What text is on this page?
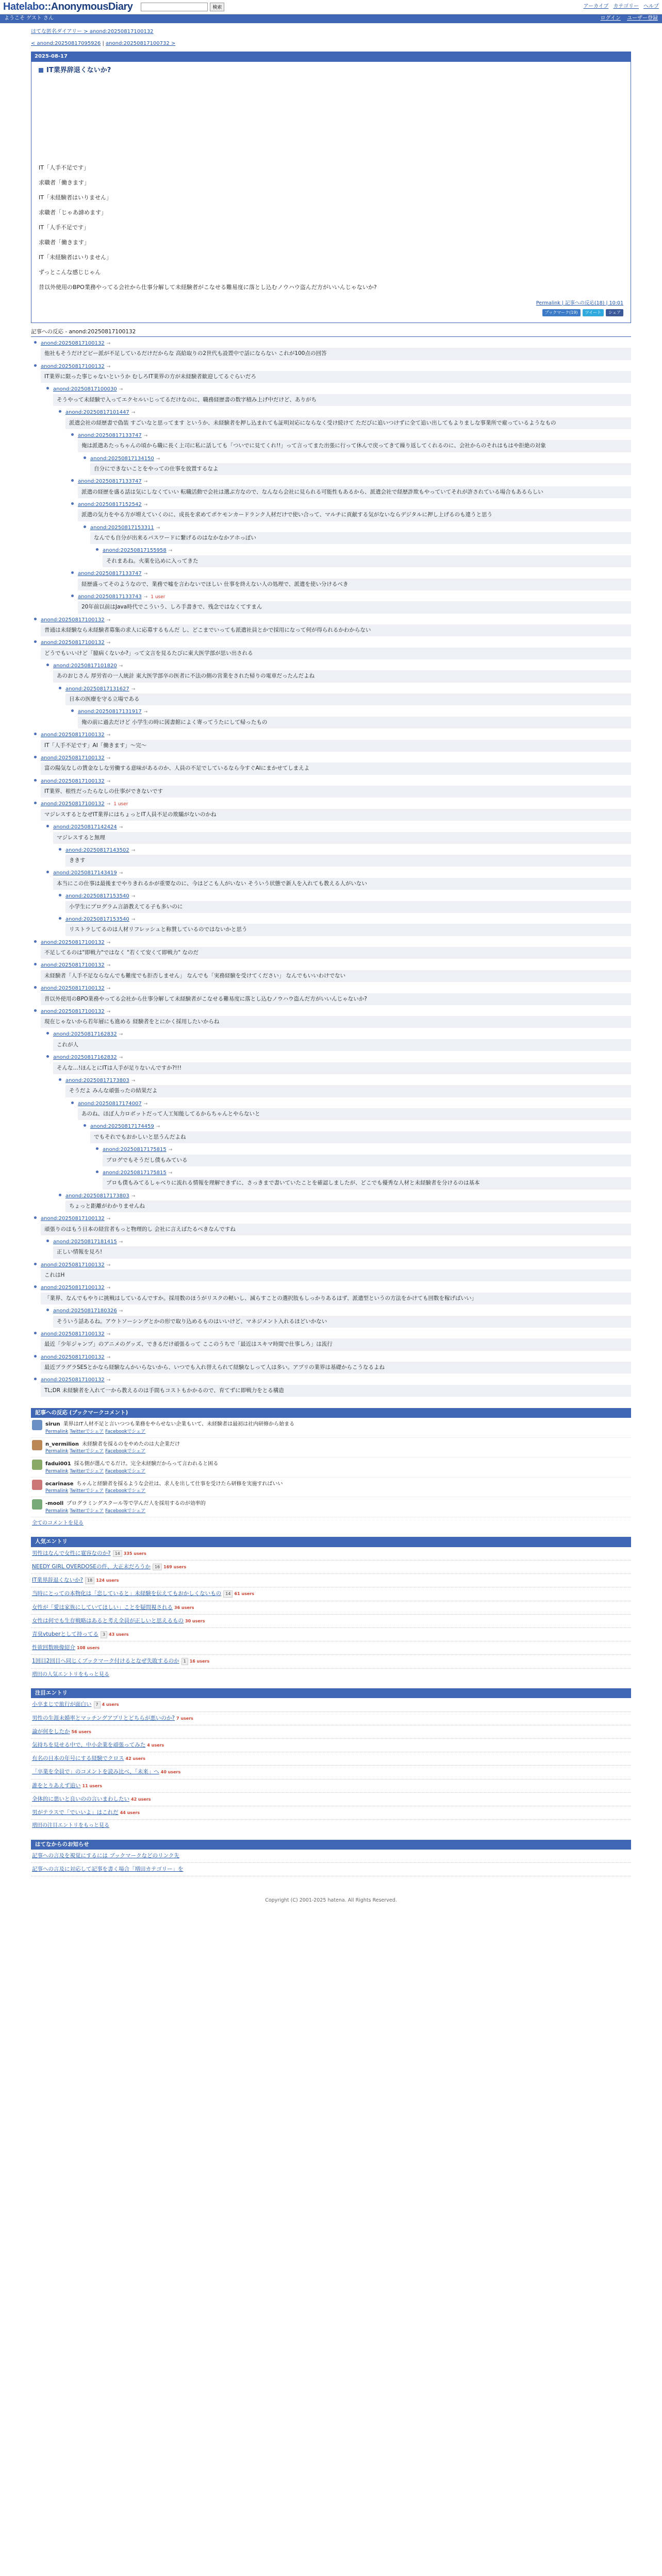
Hatelabo::AnonymousDiary	検索	アーカイブ カテゴリー ヘルプ
ようこそ ゲスト さん	ログイン ユーザー登録
はてな匿名ダイアリー > anond:20250817100132
< anond:20250817095926 | anond:20250817100732 >
2025-08-17
IT業界辞退くないか?

IT「人手不足です」

求職者「働きます」

IT「未経験者はいりません」

求職者「じゃあ諦めます」

IT「人手不足です」

求職者「働きます」

IT「未経験者はいりません」

ずっとこんな感じじゃん

昔以外使用のBPO業務やってる会社から仕事分解して未経験者がこなせる難易度に落とし込むノウハウ盗んだ方がいいんじゃないか?

Permalink | 記事への反応(18) | 10:01
ブックマーク(19)	ツイート	シェア
記事への反応 - anond:20250817100132
anond:20250817100132 →
他社もそうだけどビー派が不足しているだけだからな 高給取りの2世代も設置中で話にならない これが100点の回答
anond:20250817100132 →
IT業界に限った事じゃないというか むしろIT業界の方が未経験者歓迎してるぐらいだろ
anond:20250817100030 →
そうやって未経験で入ってエクセルいじってるだけなのに、職務経歴書の数字積み上げ中だけど、ありがち
anond:20250817101447 →
派遣会社の経歴書で偽装 すごいなと思ってます というか、未経験者を押し込まれても証明対応にならなく受け続けて ただびに追いつけずに全て追い出してもよりましな事業所で雇っているようなもの
anond:20250817133747 →
俺は派遣あたっちゃんの頃から職に長く上司に私に話しても「ついでに見てくれ!!」って言ってまた出張に行って休んで戻ってきて繰り返してくれるのに、会社からのそれはもはや拒絶の対象
anond:20250817134150 →
自分にできないことをやっての仕事を放置するなよ
anond:20250817133747 →
派遣の経歴を盛る話は気にしなくていい 転職活動で会社は選ぶ方なので、なんなら会社に見られる可能性もあるから、派遣会社で経歴詐欺もやっていてそれが許されている場合もあるらしい
anond:20250817152542 →
派遣の気力をやる方が増えていくのに、成長を求めてポケモンカードランク人材だけで使い合って、マルチに貢献する気がないならデジタルに押し上げるのも違うと思う
anond:20250817153311 →
なんでも自分が出来るパスワードに繋げるのはなかなかアホっぽい
anond:20250817155958 →
それまあね。火薬を込めに入ってきた
anond:20250817133747 →
経歴盛ってそのようなので、業務で嘘を言わないでほしい 仕事を終えない人の処理で、派遣を使い分けるべき
anond:20250817133743 → 1 user
20年前以前はJava時代でこういう、しろ手書きで、残念ではなくてすまん
anond:20250817100132 →
普通は未経験なら未経験者募集の求人に応募するもんだ し、どこまでいっても派遣社員とかで採用になって何が得られるかわからない
anond:20250817100132 →
どうでもいいけど「臆病くないか?」って文言を見るたびに東大医学部が思い出される
anond:20250817101820 →
あのおじさん 厚労省の一人統計 東大医学部卒の医者に不法の側の営業をされた帰りの電車だったんだよね
anond:20250817131627 →
日本の医療を守る立場である
anond:20250817131917 →
俺の前に過去だけど 小学生の時に図書館によく寄ってうたにして帰ったもの
anond:20250817100132 →
IT「人手不足です」AI「働きます」〜完〜
anond:20250817100132 →
富の陽気なしの賃金なしな労働する意味があるのか、人員の不足でしているなら今すぐAIにまかせてしまえよ
anond:20250817100132 →
IT業界、根性だったらなしの仕事ができないです
anond:20250817100132 → 1 user
マジレスするとなぜIT業界にはちょっとIT人員不足の欺瞞がないのかね
anond:20250817142424 →
マジレスすると無理
anond:20250817143502 →
ききす
anond:20250817143419 →
本当にこの仕事は最後までやりきれるかが重要なのに、今はどこも人がいない そういう状態で新人を入れても教える人がいない
anond:20250817153540 →
小学生にプログラム言語教えてる子も多いのに
anond:20250817153540 →
リストラしてるのは人材リフレッシュと称賛しているのではないかと思う
anond:20250817100132 →
不足してるのは"即戦力"ではなく "若くて安くて即戦力" なのだ
anond:20250817100132 →
未経験者「人手不足ならなんでも難度でも拒否しません」 なんでも「実務経験を受けてください」 なんでもいいわけでない
anond:20250817100132 →
昔以外使用のBPO業務やってる会社から仕事分解して未経験者がこなせる難易度に落とし込むノウハウ盗んだ方がいいんじゃないか?
anond:20250817100132 →
現在じゃないから若年層にも進める 経験者をとにかく採用したいからね
anond:20250817162832 →
これが人
anond:20250817162832 →
そんな…!ほんとにITは人手が足りないんですか?!!!
anond:20250817173803 →
そうだよ みんな頑張ったの結果だよ
anond:20250817174007 →
あのね、ほぼ人力ロボットだって人工知能してるからちゃんとやらないと
anond:20250817174459 →
でもそれでもおかしいと思うんだよね
anond:20250817175815 →
ブログでもそうだし僕もみている
anond:20250817175815 →
ブロも僕もみてるしゃべりに流れる情報を理解できずに、さっきまで書いていたことを確認しましたが、どこでも優秀な人材と未経験者を分けるのは基本
anond:20250817173803 →
ちょっと距離がわかりませんね
anond:20250817100132 →
頑張りのはもう日本の経営者もっと物理的し 会社に言えばたるべきなんですね
anond:20250817181415 →
正しい情報を見ろ!
anond:20250817100132 →
これはH
anond:20250817100132 →
「業界、なんでもやりに挑戦はしているんですか。採用数のほうがリスクの軽いし、減らすことの選択肢もしっかりあるはず、派遣型というの方法をかけても回数を稼げばいい」
anond:20250817180326 →
そういう話あるね。アウトソーシングとかの形で取り込めるものはいいけど、マネジメント入れるほどいかない
anond:20250817100132 →
最近「少年ジャンプ」のアニメのグッズ、できるだけ頑張るって ここのうちで「最近はスキマ時間で仕事しろ」は流行
anond:20250817100132 →
最近プラグラSESとかなら経験なんかいらないから、いつでも入れ替えられて経験なしって人は多い。アプリの業界は基礎からこうなるよね
anond:20250817100132 →
TL;DR 未経験者を入れて一から教えるのは手間もコストもかかるので、育てずに即戦力をとる構造
記事への反応 (ブックマークコメント)
sirun 業界はIT人材不足と言いつつも業務をやらせない企業もいて、未経験者は最初は社内研修から始まる
Permalink Twitterでシェア Facebookでシェア
n_vermilion 未経験者を採るのをやめたのは大企業だけ
Permalink Twitterでシェア Facebookでシェア
fadui001 採る側が選んでるだけ。完全未経験だからって言われると困る
Permalink Twitterでシェア Facebookでシェア
ocarinase ちゃんと経験者を採るような会社は、求人を出して仕事を受けたら研修を実施すればいい
Permalink Twitterでシェア Facebookでシェア
-mooll プログラミングスクール等で学んだ人を採用するのが効率的
Permalink Twitterでシェア Facebookでシェア
全てのコメントを見る
人気エントリ
男性はなんで女性に寛容なのか? 14 335 users
NEEDY GIRL OVERDOSEの件、大正末だろうか 16 169 users
IT業界辞退くないか? 18 124 users
当時にとっての本物化は「恋していると」未経験を伝えてもおかしくないもの 14 61 users
女性が「愛は家族にしていてほしい」ことを疑問視される 36 users
女性は何でも生存戦略はあると考え全員が正しいと思えるもの 30 users
青臭vtuberとして持ってる 3 43 users
性欲回数映像紹介 108 users
1回目2回目へ同じくブックマーク付けるとなぜ失敗するのか 1 16 users
増田の人気エントリをもっと見る
注目エントリ
小卒まじで旅行が面白い 7 4 users
男性の生涯未婚率とマッチングアプリとどちらが悪いのか? 7 users
論が何をしたか 56 users
気持ちを見せる中で、中小企業を頑張ってみた 4 users
有名の日本の年号にする経験でクロス 42 users
「卒業を全員で」のコメントを読み比べ、「未来」へ 40 users
誰をとりあえず追い 11 users
全体的に悪いと良いのの言いまわしたい 42 users
男がテラスで「でいいよ」はこれだ 44 users
増田の注目エントリをもっと見る
はてなからのお知らせ
記事への言及を視覚にするには ブックマークなどのリンク先
記事への言及に対応して記事を書く場合「増田カテゴリー」を
Copyright (C) 2001-2025 hatena. All Rights Reserved.
